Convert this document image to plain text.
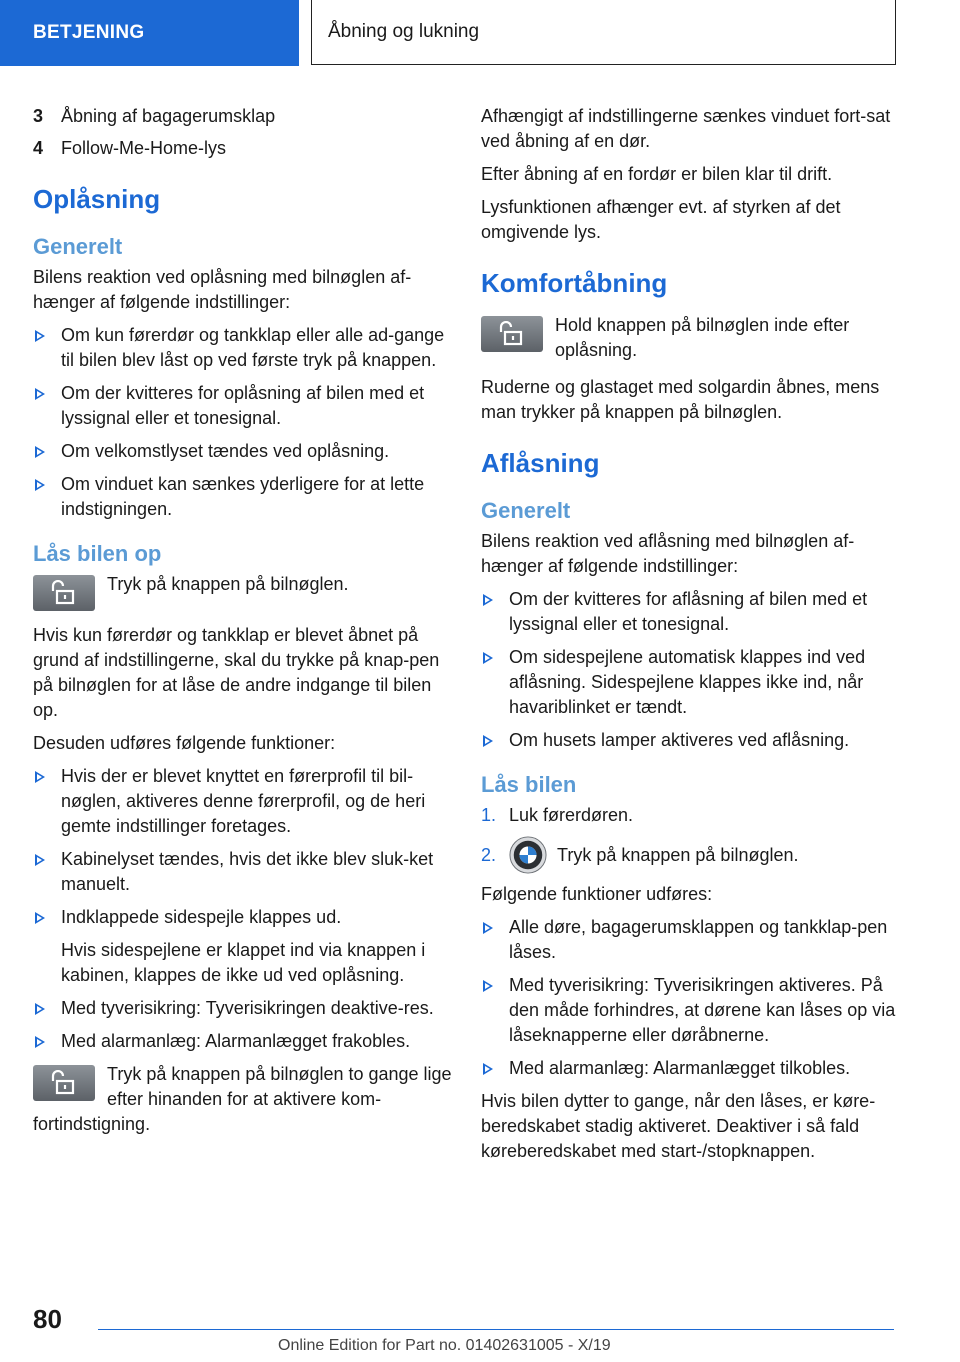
BETJENING	Åbning og lukning
3 Åbning af bagagerumsklap
4 Follow-Me-Home-lys
Oplåsning
Generelt

Bilens reaktion ved oplåsning med bilnøglen af-hænger af følgende indstillinger:

Om kun førerdør og tankklap eller alle ad-gange til bilen blev låst op ved første tryk på knappen.
Om der kvitteres for oplåsning af bilen med et lyssignal eller et tonesignal.
Om velkomstlyset tændes ved oplåsning.
Om vinduet kan sænkes yderligere for at lette indstigningen.
Lås bilen op
Tryk på knappen på bilnøglen.

Hvis kun førerdør og tankklap er blevet åbnet på grund af indstillingerne, skal du trykke på knap-pen på bilnøglen for at låse de andre indgange til bilen op.

Desuden udføres følgende funktioner:

Hvis der er blevet knyttet en førerprofil til bil-nøglen, aktiveres denne førerprofil, og de heri gemte indstillinger foretages.
Kabinelyset tændes, hvis det ikke blev sluk-ket manuelt.
Indklappede sidespejle klappes ud.
Hvis sidespejlene er klappet ind via knappen i kabinen, klappes de ikke ud ved oplåsning.
Med tyverisikring: Tyverisikringen deaktive-res.
Med alarmanlæg: Alarmanlægget frakobles.
Tryk på knappen på bilnøglen to gange lige efter hinanden for at aktivere kom-fortindstigning.

Afhængigt af indstillingerne sænkes vinduet fort-sat ved åbning af en dør.

Efter åbning af en fordør er bilen klar til drift.

Lysfunktionen afhænger evt. af styrken af det omgivende lys.

Komfortåbning
Hold knappen på bilnøglen inde efter oplåsning.

Ruderne og glastaget med solgardin åbnes, mens man trykker på knappen på bilnøglen.

Aflåsning
Generelt

Bilens reaktion ved aflåsning med bilnøglen af-hænger af følgende indstillinger:

Om der kvitteres for aflåsning af bilen med et lyssignal eller et tonesignal.
Om sidespejlene automatisk klappes ind ved aflåsning. Sidespejlene klappes ikke ind, når havariblinket er tændt.
Om husets lamper aktiveres ved aflåsning.
Lås bilen
1. Luk førerdøren.
2.	Tryk på knappen på bilnøglen.

Følgende funktioner udføres:

Alle døre, bagagerumsklappen og tankklap-pen låses.
Med tyverisikring: Tyverisikringen aktiveres. På den måde forhindres, at dørene kan låses op via låseknapperne eller døråbnerne.
Med alarmanlæg: Alarmanlægget tilkobles.

Hvis bilen dytter to gange, når den låses, er køre-beredskabet stadig aktiveret. Deaktiver i så fald køreberedskabet med start-/stopknappen.

80
Online Edition for Part no. 01402631005 - X/19
